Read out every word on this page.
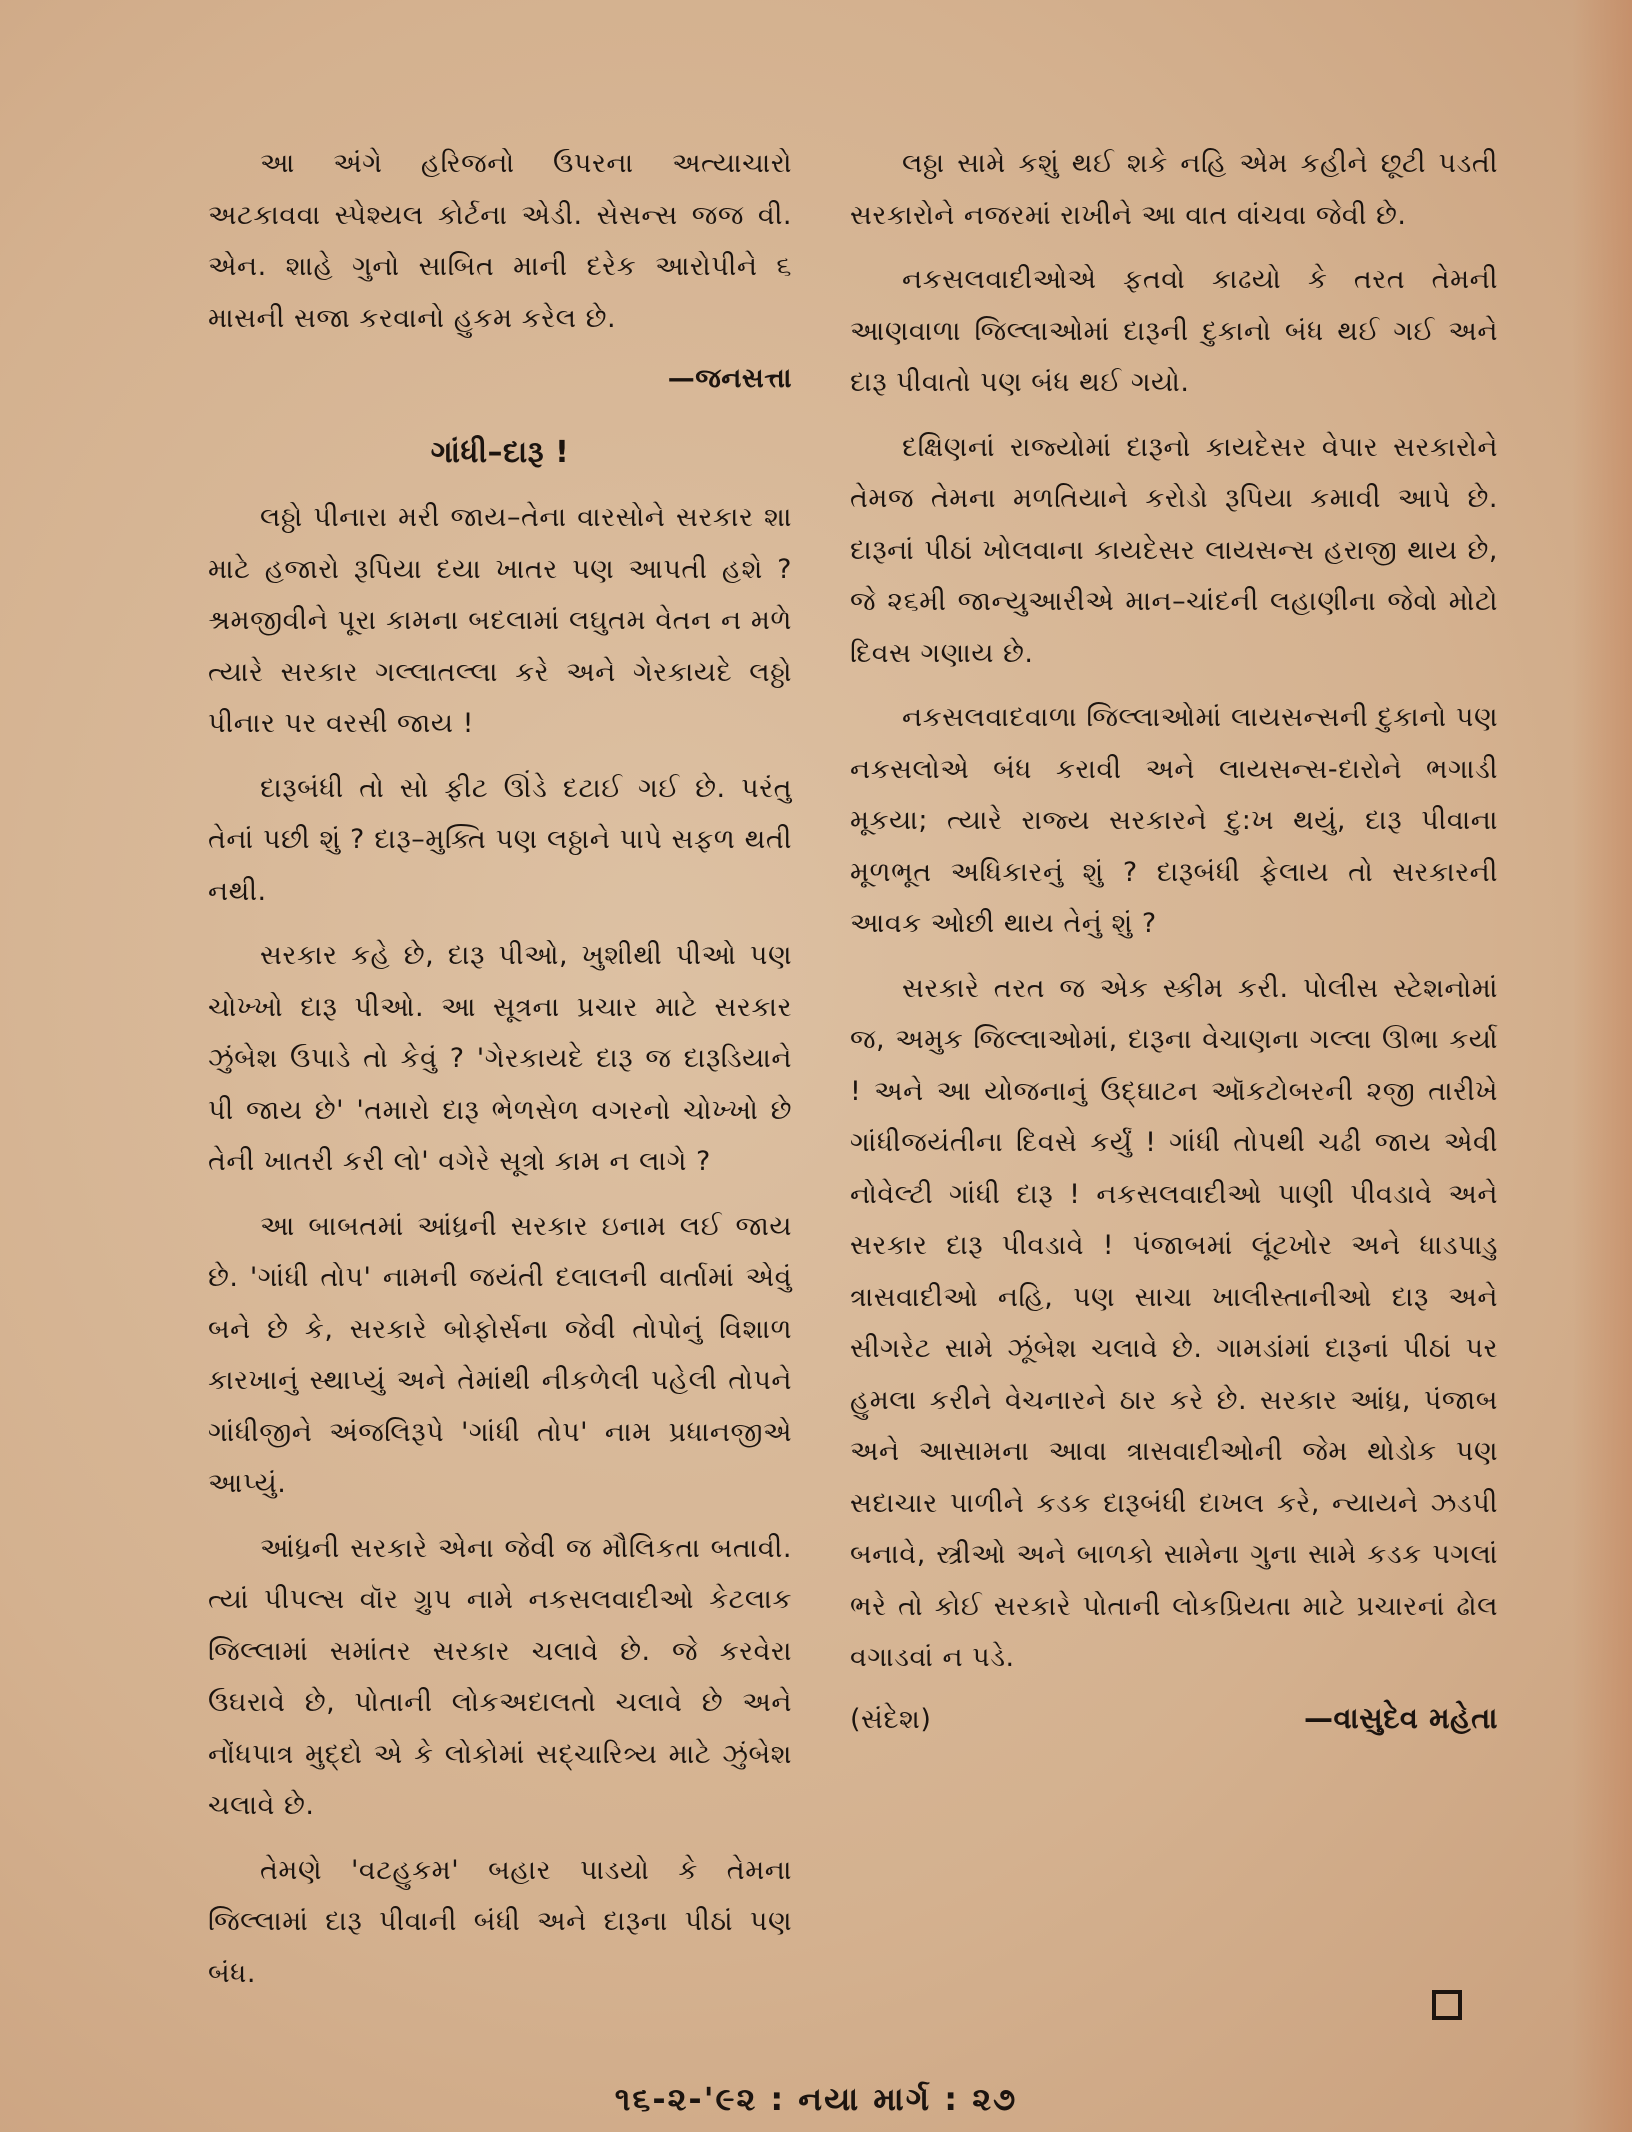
આ અંગે હરિજનો ઉપરના અત્યાચારો અટકાવવા સ્પેશ્યલ કોર્ટના એડી. સેસન્સ જજ વી. એન. શાહે ગુનો સાબિત માની દરેક આરોપીને ૬ માસની સજા કરવાનો હુકમ કરેલ છે.

—જનસત્તા
ગાંધી–દારૂ !

લઠ્ઠો પીનારા મરી જાય–તેના વારસોને સરકાર શા માટે હજારો રૂપિયા દયા ખાતર પણ આપતી હશે ? શ્રમજીવીને પૂરા કામના બદલામાં લઘુતમ વેતન ન મળે ત્યારે સરકાર ગલ્લાતલ્લા કરે અને ગેરકાયદે લઠ્ઠો પીનાર પર વરસી જાય !

દારૂબંધી તો સો ફીટ ઊંડે દટાઈ ગઈ છે. પરંતુ તેનાં પછી શું ? દારૂ–મુક્તિ પણ લઠ્ઠાને પાપે સફળ થતી નથી.

સરકાર કહે છે, દારૂ પીઓ, ખુશીથી પીઓ પણ ચોખ્ખો દારૂ પીઓ. આ સૂત્રના પ્રચાર માટે સરકાર ઝુંબેશ ઉપાડે તો કેવું ? 'ગેરકાયદે દારૂ જ દારૂડિયાને પી જાય છે' 'તમારો દારૂ ભેળસેળ વગરનો ચોખ્ખો છે તેની ખાતરી કરી લો' વગેરે સૂત્રો કામ ન લાગે ?

આ બાબતમાં આંધ્રની સરકાર ઇનામ લઈ જાય છે. 'ગાંધી તોપ' નામની જયંતી દલાલની વાર્તામાં એવું બને છે કે, સરકારે બોફોર્સના જેવી તોપોનું વિશાળ કારખાનું સ્થાપ્યું અને તેમાંથી નીકળેલી પહેલી તોપને ગાંધીજીને અંજલિરૂપે 'ગાંધી તોપ' નામ પ્રધાનજીએ આપ્યું.

આંધ્રની સરકારે એના જેવી જ મૌલિકતા બતાવી. ત્યાં પીપલ્સ વૉર ગ્રુપ નામે નકસલવાદીઓ કેટલાક જિલ્લામાં સમાંતર સરકાર ચલાવે છે. જે કરવેરા ઉઘરાવે છે, પોતાની લોકઅદાલતો ચલાવે છે અને નોંધપાત્ર મુદ્દો એ કે લોકોમાં સદ્ચારિત્ર્ય માટે ઝુંબેશ ચલાવે છે.

તેમણે 'વટહુકમ' બહાર પાડયો કે તેમના જિલ્લામાં દારૂ પીવાની બંધી અને દારૂના પીઠાં પણ બંધ.

લઠ્ઠા સામે કશું થઈ શકે નહિ એમ કહીને છૂટી પડતી સરકારોને નજરમાં રાખીને આ વાત વાંચવા જેવી છે.

નકસલવાદીઓએ ફતવો કાઢયો કે તરત તેમની આણવાળા જિલ્લાઓમાં દારૂની દુકાનો બંધ થઈ ગઈ અને દારૂ પીવાતો પણ બંધ થઈ ગયો.

દક્ષિણનાં રાજ્યોમાં દારૂનો કાયદેસર વેપાર સરકારોને તેમજ તેમના મળતિયાને કરોડો રૂપિયા કમાવી આપે છે. દારૂનાં પીઠાં ખોલવાના કાયદેસર લાયસન્સ હરાજી થાય છે, જે ૨૬મી જાન્યુઆરીએ માન–ચાંદની લહાણીના જેવો મોટો દિવસ ગણાય છે.

નકસલવાદવાળા જિલ્લાઓમાં લાયસન્સની દુકાનો પણ નકસલોએ બંધ કરાવી અને લાયસન્સ-દારોને ભગાડી મૂકયા; ત્યારે રાજ્ય સરકારને દુ:ખ થયું, દારૂ પીવાના મૂળભૂત અધિકારનું શું ? દારૂબંધી ફેલાય તો સરકારની આવક ઓછી થાય તેનું શું ?

સરકારે તરત જ એક સ્કીમ કરી. પોલીસ સ્ટેશનોમાં જ, અમુક જિલ્લાઓમાં, દારૂના વેચાણના ગલ્લા ઊભા કર્યા ! અને આ યોજનાનું ઉદ્ઘાટન ઑકટોબરની ૨જી તારીખે ગાંધીજયંતીના દિવસે કર્યું ! ગાંધી તોપથી ચઢી જાય એવી નોવેલ્ટી ગાંધી દારૂ ! નકસલવાદીઓ પાણી પીવડાવે અને સરકાર દારૂ પીવડાવે ! પંજાબમાં લૂંટખોર અને ધાડપાડુ ત્રાસવાદીઓ નહિ, પણ સાચા ખાલીસ્તાનીઓ દારૂ અને સીગરેટ સામે ઝૂંબેશ ચલાવે છે. ગામડાંમાં દારૂનાં પીઠાં પર હુમલા કરીને વેચનારને ઠાર કરે છે. સરકાર આંધ્ર, પંજાબ અને આસામના આવા ત્રાસવાદીઓની જેમ થોડોક પણ સદાચાર પાળીને કડક દારૂબંધી દાખલ કરે, ન્યાયને ઝડપી બનાવે, સ્ત્રીઓ અને બાળકો સામેના ગુના સામે કડક પગલાં ભરે તો કોઈ સરકારે પોતાની લોકપ્રિયતા માટે પ્રચારનાં ઢોલ વગાડવાં ન પડે.

(સંદેશ)	—વાસુદેવ મહેતા
૧૬-૨-'૯૨ : નયા માર્ગ : ૨૭
